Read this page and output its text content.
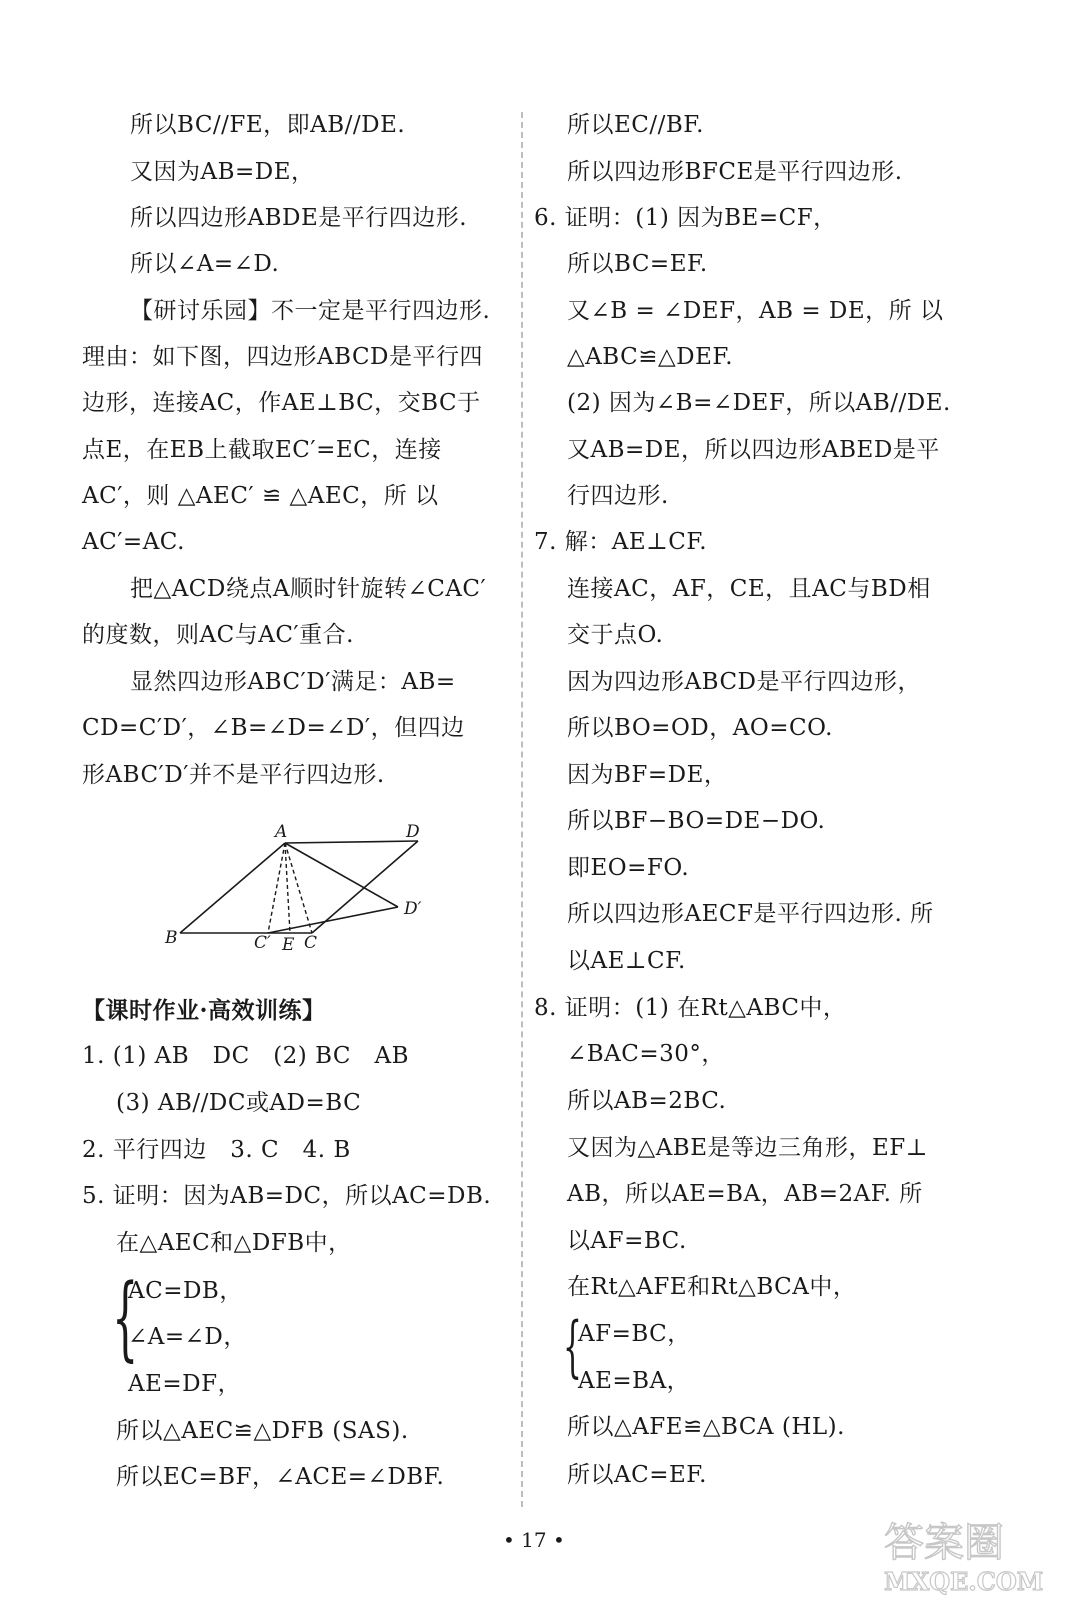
所以BC//FE，即AB//DE.
又因为AB=DE，
所以四边形ABDE是平行四边形.
所以∠A=∠D.
【研讨乐园】不一定是平行四边形.
理由：如下图，四边形ABCD是平行四
边形，连接AC，作AE⊥BC，交BC于
点E，在EB上截取EC′=EC，连接
AC′，则 △AEC′ ≌ △AEC，所 以
AC′=AC.
把△ACD绕点A顺时针旋转∠CAC′
的度数，则AC与AC′重合.
显然四边形ABC′D′满足：AB=
CD=C′D′，∠B=∠D=∠D′，但四边
形ABC′D′并不是平行四边形.
A	D
B
D′
C′ E C
【课时作业·高效训练】
1. (1) AB　DC　(2) BC　AB
(3) AB//DC或AD=BC
2. 平行四边　3. C　4. B
5. 证明：因为AB=DC，所以AC=DB.
在△AEC和△DFB中，
{
AC=DB，
∠A=∠D，
AE=DF，
所以△AEC≌△DFB (SAS).
所以EC=BF，∠ACE=∠DBF.
所以EC//BF.
所以四边形BFCE是平行四边形.
6. 证明：(1) 因为BE=CF，
所以BC=EF.
又∠B = ∠DEF，AB = DE，所 以
△ABC≌△DEF.
(2) 因为∠B=∠DEF，所以AB//DE.
又AB=DE，所以四边形ABED是平
行四边形.
7. 解：AE⊥CF.
连接AC，AF，CE，且AC与BD相
交于点O.
因为四边形ABCD是平行四边形，
所以BO=OD，AO=CO.
因为BF=DE，
所以BF−BO=DE−DO.
即EO=FO.
所以四边形AECF是平行四边形. 所
以AE⊥CF.
8. 证明：(1) 在Rt△ABC中，
∠BAC=30°，
所以AB=2BC.
又因为△ABE是等边三角形，EF⊥
AB，所以AE=BA，AB=2AF. 所
以AF=BC.
在Rt△AFE和Rt△BCA中，
{
AF=BC，
AE=BA，
所以△AFE≌△BCA (HL).
所以AC=EF.
• 17 •	答案圈
MXQE.COM
